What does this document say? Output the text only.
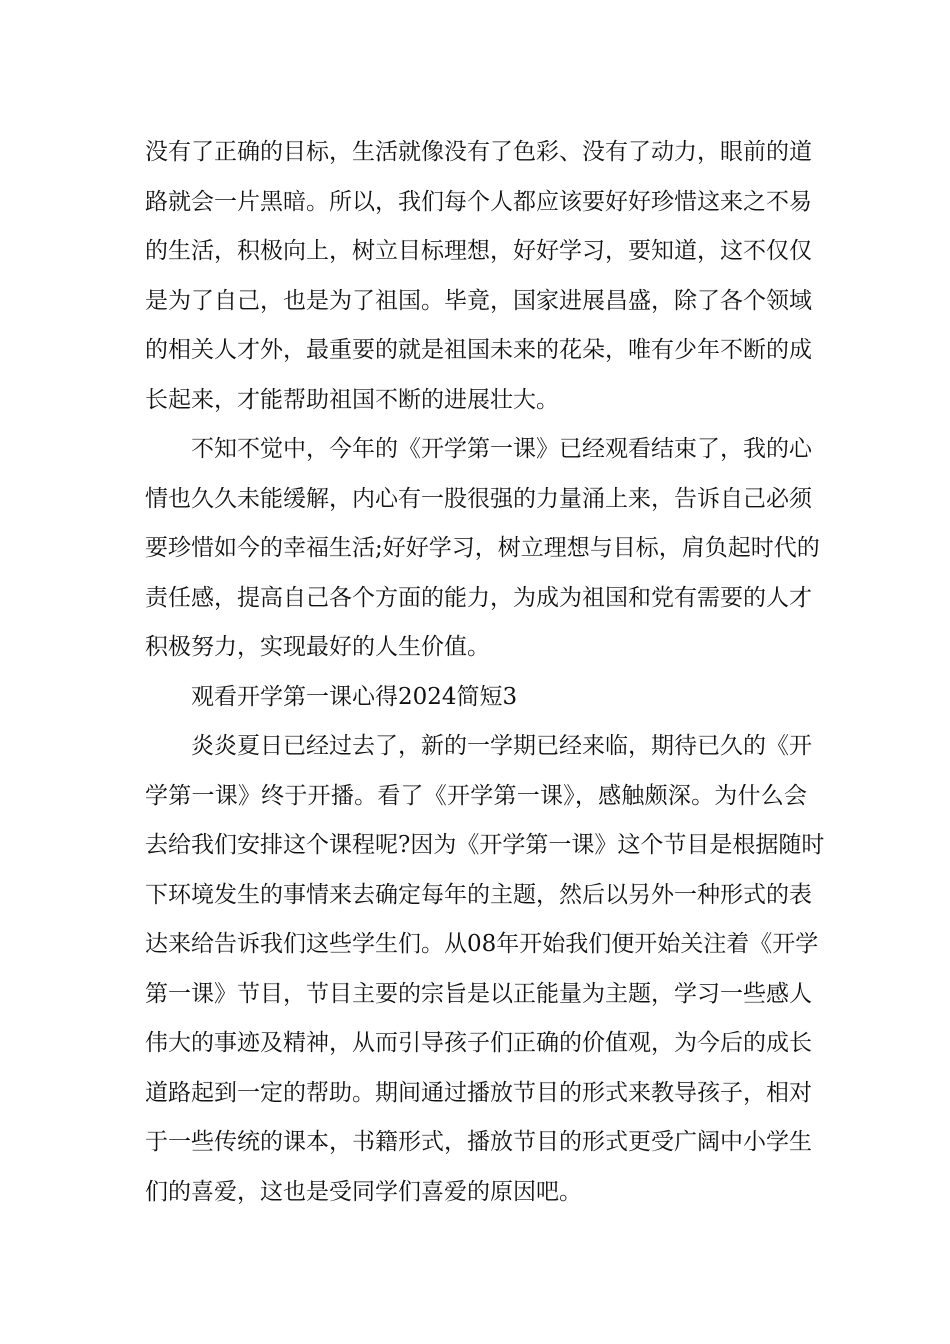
没有了正确的目标，生活就像没有了色彩、没有了动力，眼前的道
路就会一片黑暗。所以，我们每个人都应该要好好珍惜这来之不易
的生活，积极向上，树立目标理想，好好学习，要知道，这不仅仅
是为了自己，也是为了祖国。毕竟，国家进展昌盛，除了各个领域
的相关人才外，最重要的就是祖国未来的花朵，唯有少年不断的成
长起来，才能帮助祖国不断的进展壮大。
不知不觉中，今年的《开学第一课》已经观看结束了，我的心
情也久久未能缓解，内心有一股很强的力量涌上来，告诉自己必须
要珍惜如今的幸福生活;好好学习，树立理想与目标，肩负起时代的
责任感，提高自己各个方面的能力，为成为祖国和党有需要的人才
积极努力，实现最好的人生价值。
观看开学第一课心得2024简短3
炎炎夏日已经过去了，新的一学期已经来临，期待已久的《开
学第一课》终于开播。看了《开学第一课》，感触颇深。为什么会
去给我们安排这个课程呢?因为《开学第一课》这个节目是根据随时
下环境发生的事情来去确定每年的主题，然后以另外一种形式的表
达来给告诉我们这些学生们。从08年开始我们便开始关注着《开学
第一课》节目，节目主要的宗旨是以正能量为主题，学习一些感人
伟大的事迹及精神，从而引导孩子们正确的价值观，为今后的成长
道路起到一定的帮助。期间通过播放节目的形式来教导孩子，相对
于一些传统的课本，书籍形式，播放节目的形式更受广阔中小学生
们的喜爱，这也是受同学们喜爱的原因吧。
